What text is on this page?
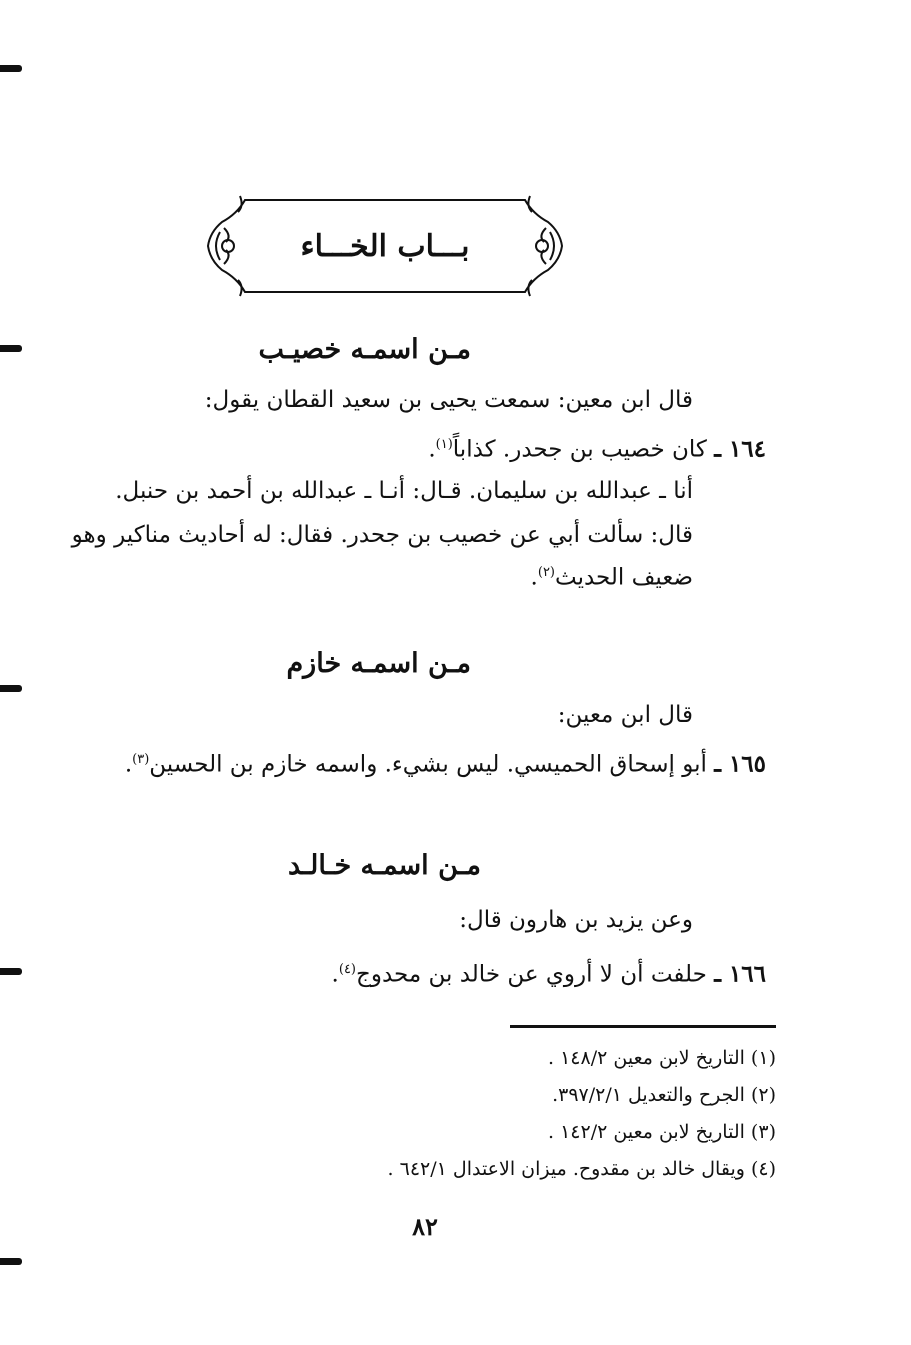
بـــاب الخـــاء
مـن اسمـه خصيـب
قال ابن معين: سمعت يحيى بن سعيد القطان يقول:
١٦٤ ـ كان خصيب بن جحدر. كذاباً$^{(١)}$.
أنا ـ عبدالله بن سليمان. قـال: أنـا ـ عبدالله بن أحمد بن حنبل.
قال: سألت أبي عن خصيب بن جحدر. فقال: له أحاديث مناكير وهو
ضعيف الحديث$^{(٢)}$.
مـن اسمـه خازم
قال ابن معين:
١٦٥ ـ أبو إسحاق الحميسي. ليس بشيء. واسمه خازم بن الحسين$^{(٣)}$.
مـن اسمـه خـالـد
وعن يزيد بن هارون قال:
١٦٦ ـ حلفت أن لا أروي عن خالد بن محدوج$^{(٤)}$.
(١) التاريخ لابن معين ١٤٨/٢ .
(٢) الجرح والتعديل ٣٩٧/٢/١.
(٣) التاريخ لابن معين ١٤٢/٢ .
(٤) ويقال خالد بن مقدوح. ميزان الاعتدال ٦٤٢/١ .
٨٢
